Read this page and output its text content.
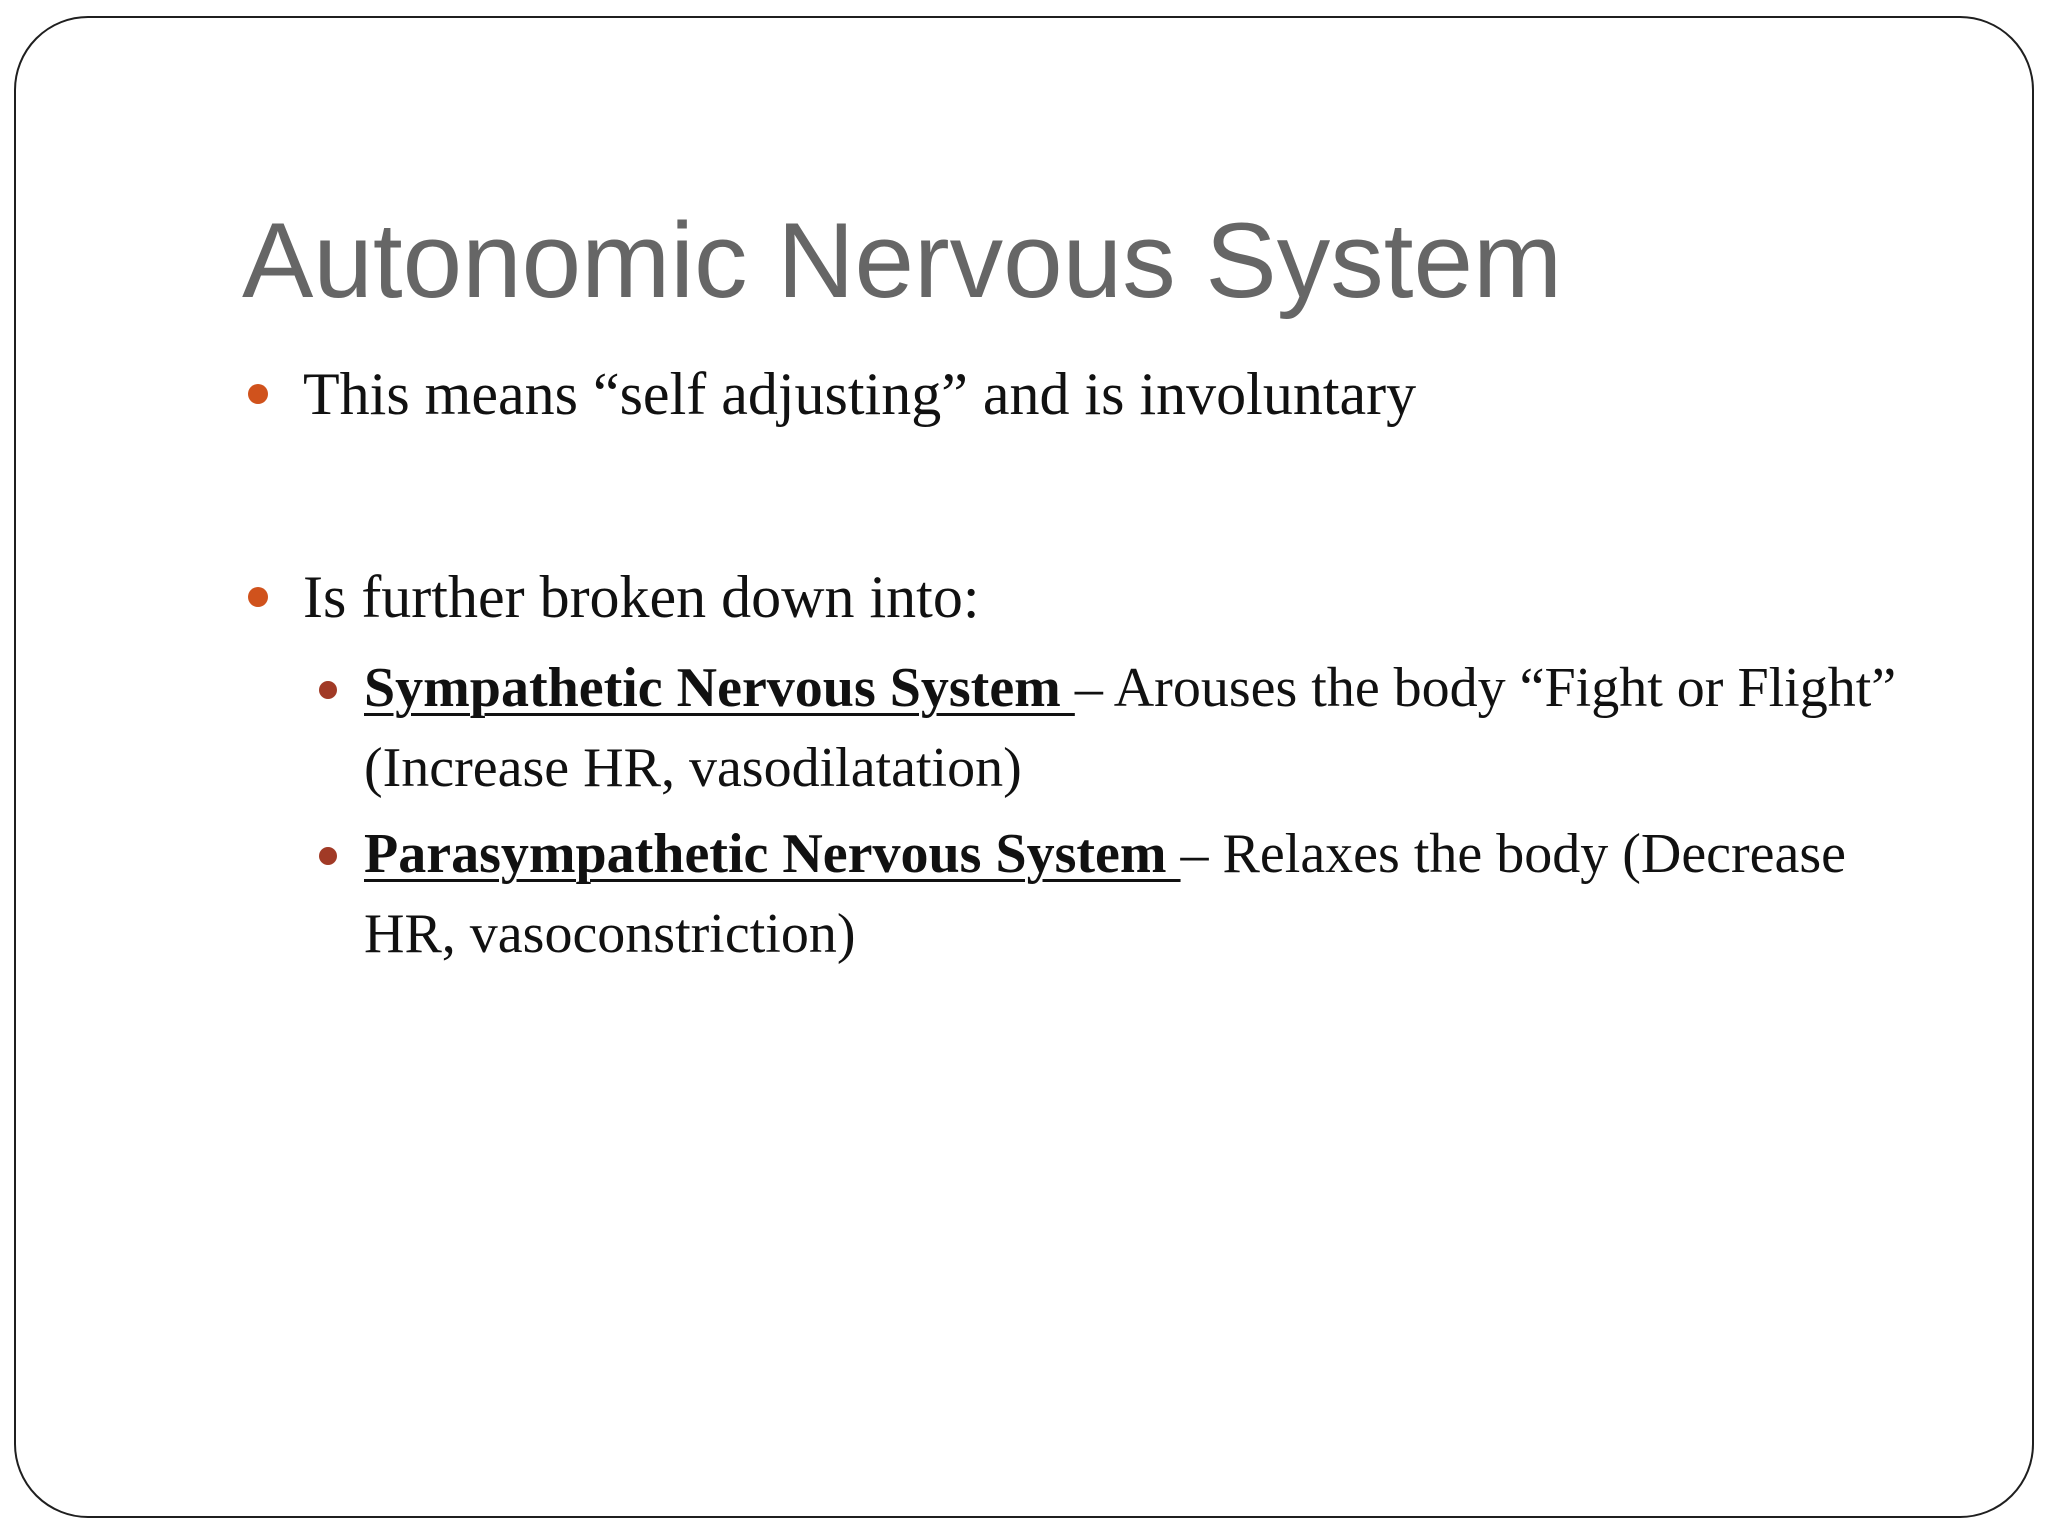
Autonomic Nervous System
This means “self adjusting” and is involuntary
Is further broken down into:
Sympathetic Nervous System – Arouses the body “Fight or Flight” (Increase HR, vasodilatation)
Parasympathetic Nervous System – Relaxes the body (Decrease HR, vasoconstriction)
